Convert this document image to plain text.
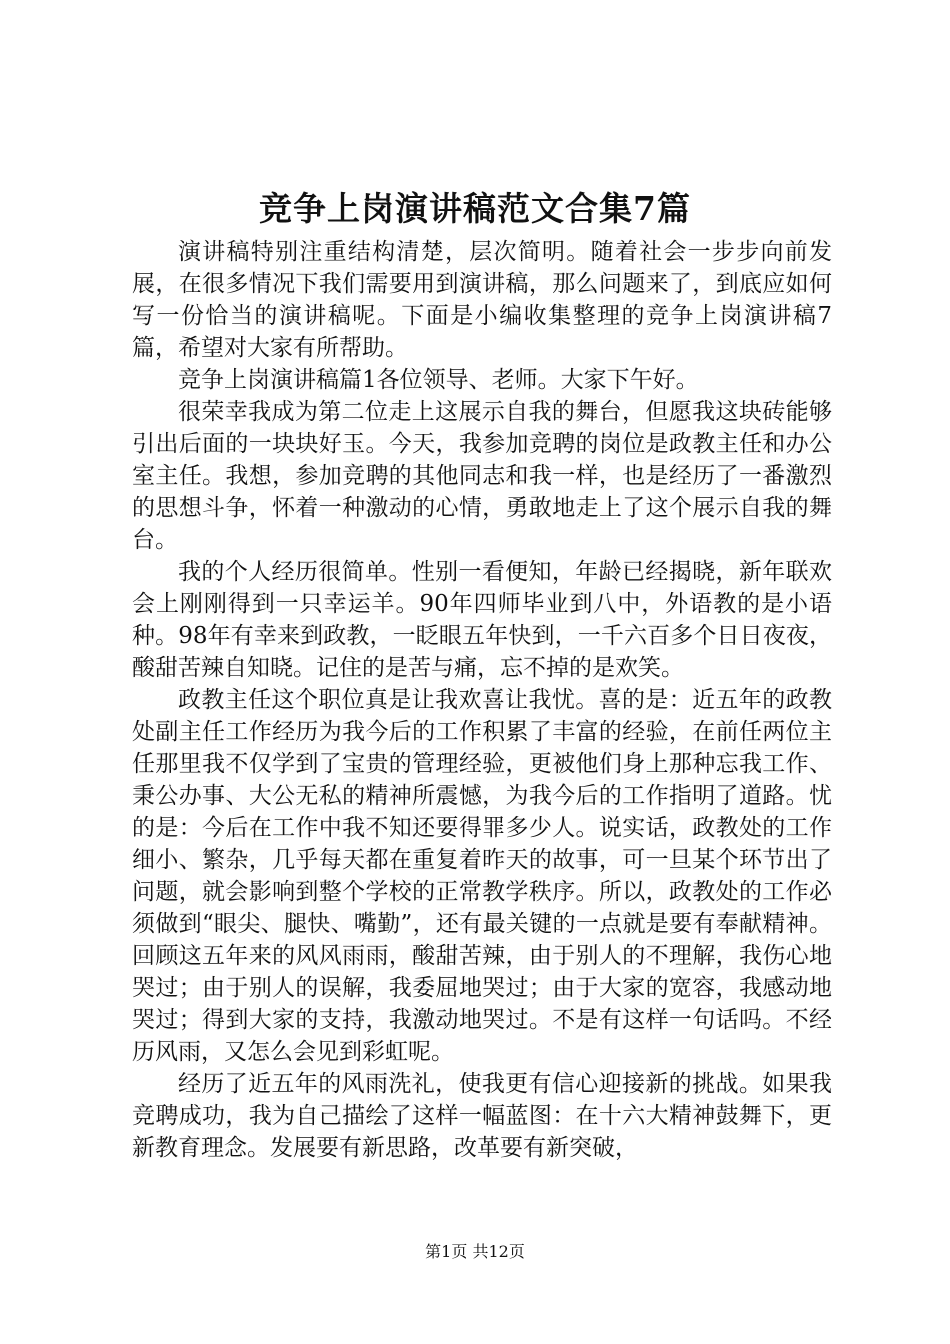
竞争上岗演讲稿范文合集7篇

演讲稿特别注重结构清楚，层次简明。随着社会一步步向前发展，在很多情况下我们需要用到演讲稿，那么问题来了，到底应如何写一份恰当的演讲稿呢。下面是小编收集整理的竞争上岗演讲稿7篇，希望对大家有所帮助。

竞争上岗演讲稿篇1各位领导、老师。大家下午好。

很荣幸我成为第二位走上这展示自我的舞台，但愿我这块砖能够引出后面的一块块好玉。今天，我参加竞聘的岗位是政教主任和办公室主任。我想，参加竞聘的其他同志和我一样，也是经历了一番激烈的思想斗争，怀着一种激动的心情，勇敢地走上了这个展示自我的舞台。

我的个人经历很简单。性别一看便知，年龄已经揭晓，新年联欢会上刚刚得到一只幸运羊。90年四师毕业到八中，外语教的是小语种。98年有幸来到政教，一眨眼五年快到，一千六百多个日日夜夜，酸甜苦辣自知晓。记住的是苦与痛，忘不掉的是欢笑。

政教主任这个职位真是让我欢喜让我忧。喜的是：近五年的政教处副主任工作经历为我今后的工作积累了丰富的经验，在前任两位主任那里我不仅学到了宝贵的管理经验，更被他们身上那种忘我工作、秉公办事、大公无私的精神所震憾，为我今后的工作指明了道路。忧的是：今后在工作中我不知还要得罪多少人。说实话，政教处的工作细小、繁杂，几乎每天都在重复着昨天的故事，可一旦某个环节出了问题，就会影响到整个学校的正常教学秩序。所以，政教处的工作必须做到“眼尖、腿快、嘴勤”，还有最关键的一点就是要有奉献精神。回顾这五年来的风风雨雨，酸甜苦辣，由于别人的不理解，我伤心地哭过；由于别人的误解，我委屈地哭过；由于大家的宽容，我感动地哭过；得到大家的支持，我激动地哭过。不是有这样一句话吗。不经历风雨，又怎么会见到彩虹呢。

经历了近五年的风雨洗礼，使我更有信心迎接新的挑战。如果我竞聘成功，我为自己描绘了这样一幅蓝图：在十六大精神鼓舞下，更新教育理念。发展要有新思路，改革要有新突破，

第1页 共12页
